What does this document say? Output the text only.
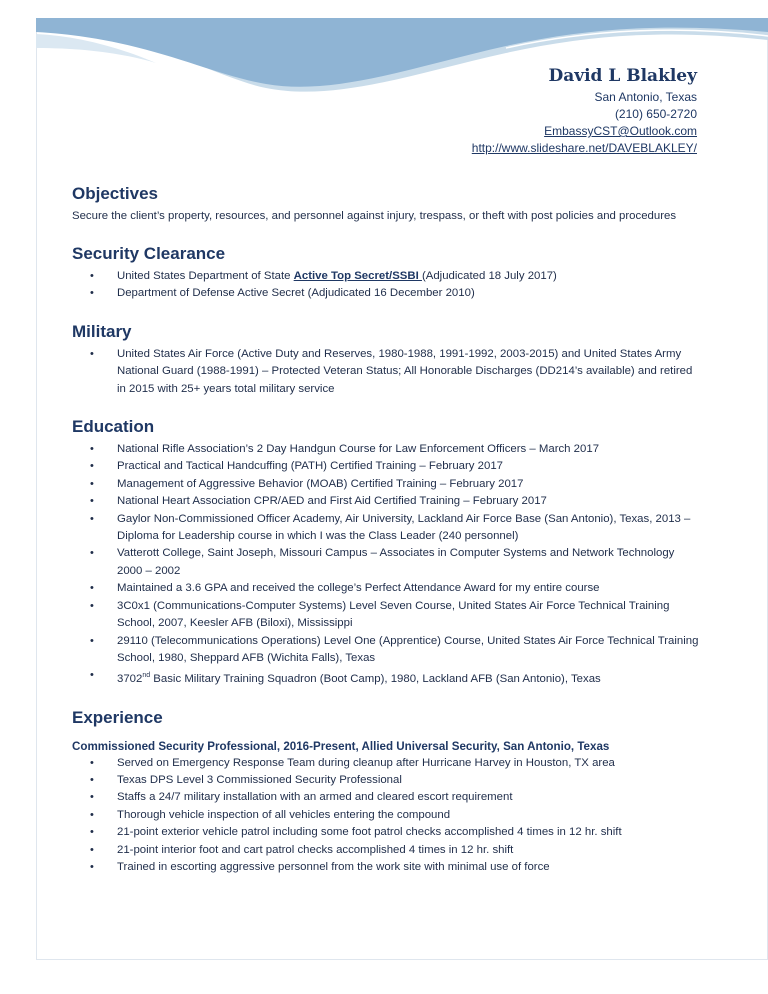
David L Blakley
San Antonio, Texas
(210) 650-2720
EmbassyCST@Outlook.com
http://www.slideshare.net/DAVEBLAKLEY/
Objectives

Secure the client’s property, resources, and personnel against injury, trespass, or theft with post policies and procedures

Security Clearance
• United States Department of State Active Top Secret/SSBI (Adjudicated 18 July 2017)
• Department of Defense Active Secret (Adjudicated 16 December 2010)
Military
• United States Air Force (Active Duty and Reserves, 1980-1988, 1991-1992, 2003-2015) and United States Army National Guard (1988-1991) – Protected Veteran Status; All Honorable Discharges (DD214’s available) and retired in 2015 with 25+ years total military service
Education
• National Rifle Association’s 2 Day Handgun Course for Law Enforcement Officers – March 2017
• Practical and Tactical Handcuffing (PATH) Certified Training – February 2017
• Management of Aggressive Behavior (MOAB) Certified Training – February 2017
• National Heart Association CPR/AED and First Aid Certified Training – February 2017
• Gaylor Non-Commissioned Officer Academy, Air University, Lackland Air Force Base (San Antonio), Texas, 2013 – Diploma for Leadership course in which I was the Class Leader (240 personnel)
• Vatterott College, Saint Joseph, Missouri Campus – Associates in Computer Systems and Network Technology 2000 – 2002
• Maintained a 3.6 GPA and received the college’s Perfect Attendance Award for my entire course
• 3C0x1 (Communications-Computer Systems) Level Seven Course, United States Air Force Technical Training School, 2007, Keesler AFB (Biloxi), Mississippi
• 29110 (Telecommunications Operations) Level One (Apprentice) Course, United States Air Force Technical Training School, 1980, Sheppard AFB (Wichita Falls), Texas
• 3702nd Basic Military Training Squadron (Boot Camp), 1980, Lackland AFB (San Antonio), Texas
Experience
Commissioned Security Professional, 2016-Present, Allied Universal Security, San Antonio, Texas
• Served on Emergency Response Team during cleanup after Hurricane Harvey in Houston, TX area
• Texas DPS Level 3 Commissioned Security Professional
• Staffs a 24/7 military installation with an armed and cleared escort requirement
• Thorough vehicle inspection of all vehicles entering the compound
• 21-point exterior vehicle patrol including some foot patrol checks accomplished 4 times in 12 hr. shift
• 21-point interior foot and cart patrol checks accomplished 4 times in 12 hr. shift
• Trained in escorting aggressive personnel from the work site with minimal use of force
